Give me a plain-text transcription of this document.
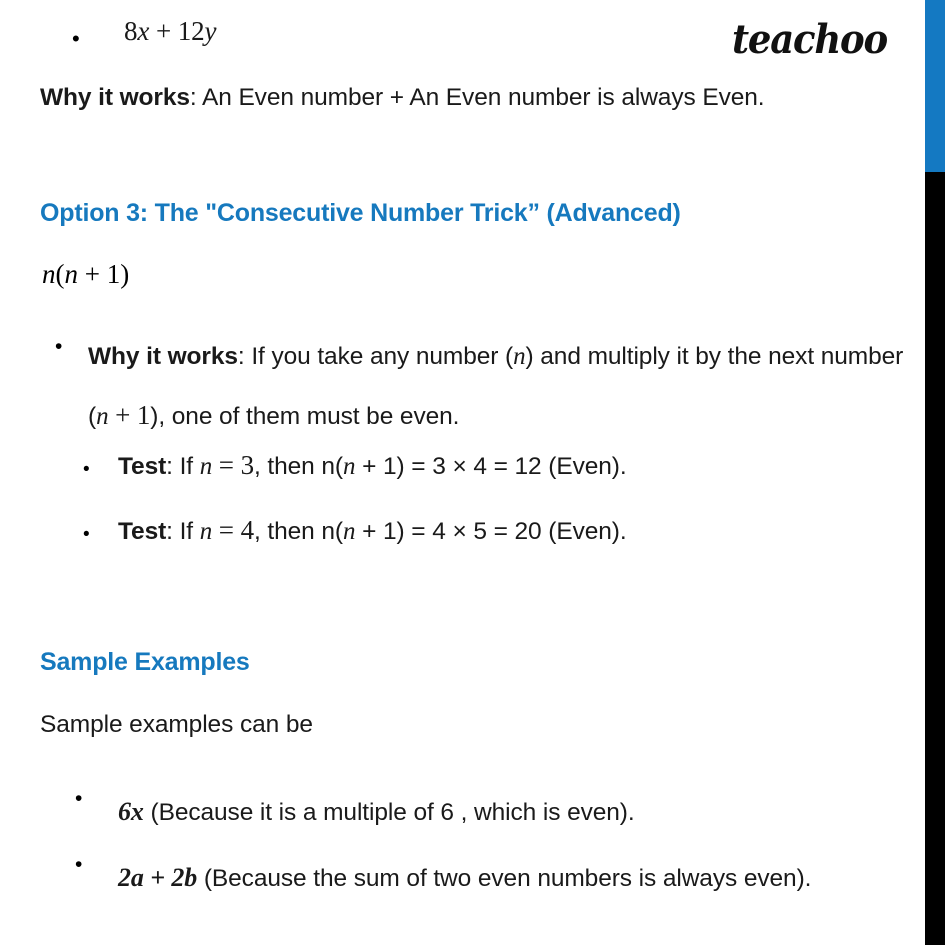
• 8x + 12y	teachoo
Why it works: An Even number + An Even number is always Even.
Option 3: The "Consecutive Number Trick” (Advanced)
n(n + 1)
• Why it works: If you take any number (n) and multiply it by the next number (n + 1), one of them must be even.
• Test: If n = 3, then n(n + 1) = 3 × 4 = 12 (Even).
• Test: If n = 4, then n(n + 1) = 4 × 5 = 20 (Even).
Sample Examples
Sample examples can be
• 6x (Because it is a multiple of 6 , which is even).
• 2a + 2b (Because the sum of two even numbers is always even).
